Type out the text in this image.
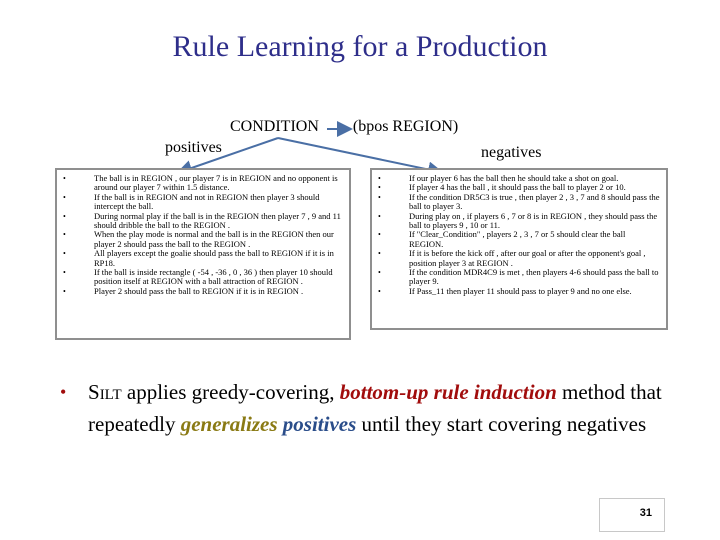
Rule Learning for a Production
CONDITION (bpos REGION)
positives	negatives
• The ball is in REGION , our player 7 is in REGION and no opponent is around our player 7 within 1.5 distance.
• If the ball is in REGION and not in REGION then player 3 should intercept the ball.
• During normal play if the ball is in the REGION then player 7 , 9 and 11 should dribble the ball to the REGION .
• When the play mode is normal and the ball is in the REGION then our player 2 should pass the ball to the REGION .
• All players except the goalie should pass the ball to REGION if it is in RP18.
• If the ball is inside rectangle ( -54 , -36 , 0 , 36 ) then player 10 should position itself at REGION with a ball attraction of REGION .
• Player 2 should pass the ball to REGION if it is in REGION .
• If our player 6 has the ball then he should take a shot on goal.
• If player 4 has the ball , it should pass the ball to player 2 or 10.
• If the condition DR5C3 is true , then player 2 , 3 , 7 and 8 should pass the ball to player 3.
• During play on , if players 6 , 7 or 8 is in REGION , they should pass the ball to players 9 , 10 or 11.
• If "Clear_Condition" , players 2 , 3 , 7 or 5 should clear the ball REGION.
• If it is before the kick off , after our goal or after the opponent's goal , position player 3 at REGION .
• If the condition MDR4C9 is met , then players 4-6 should pass the ball to player 9.
• If Pass_11 then player 11 should pass to player 9 and no one else.
• SILT applies greedy-covering, bottom-up rule induction method that repeatedly generalizes positives until they start covering negatives
31
